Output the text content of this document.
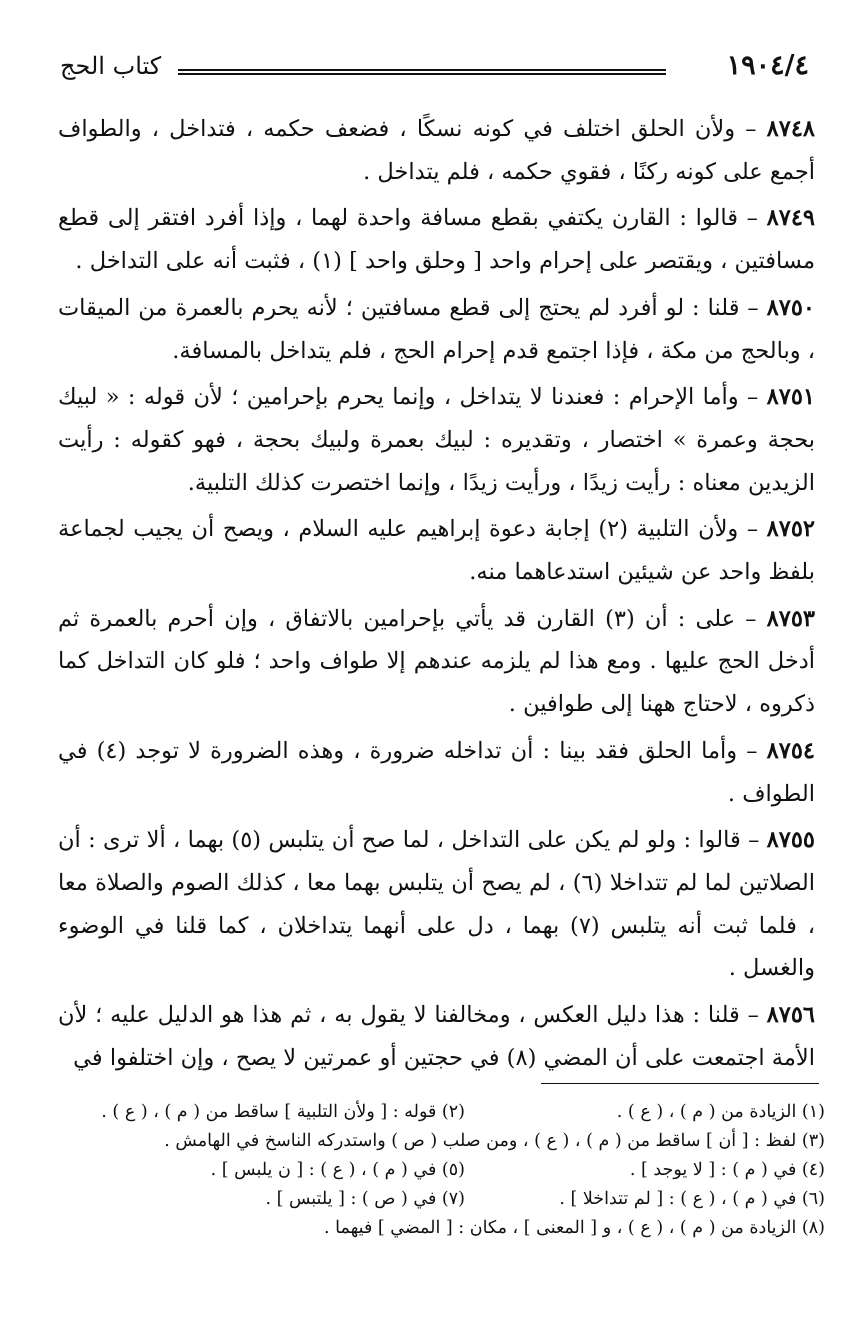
١٩٠٤/٤
كتاب الحج

٨٧٤٨ – ولأن الحلق اختلف في كونه نسكًا ، فضعف حكمه ، فتداخل ، والطواف أجمع على كونه ركنًا ، فقوي حكمه ، فلم يتداخل .

٨٧٤٩ – قالوا : القارن يكتفي بقطع مسافة واحدة لهما ، وإذا أفرد افتقر إلى قطع مسافتين ، ويقتصر على إحرام واحد [ وحلق واحد ] (١) ، فثبت أنه على التداخل .

٨٧٥٠ – قلنا : لو أفرد لم يحتج إلى قطع مسافتين ؛ لأنه يحرم بالعمرة من الميقات ، وبالحج من مكة ، فإذا اجتمع قدم إحرام الحج ، فلم يتداخل بالمسافة.

٨٧٥١ – وأما الإحرام : فعندنا لا يتداخل ، وإنما يحرم بإحرامين ؛ لأن قوله : « لبيك بحجة وعمرة » اختصار ، وتقديره : لبيك بعمرة ولبيك بحجة ، فهو كقوله : رأيت الزيدين معناه : رأيت زيدًا ، ورأيت زيدًا ، وإنما اختصرت كذلك التلبية.

٨٧٥٢ – ولأن التلبية (٢) إجابة دعوة إبراهيم عليه السلام ، ويصح أن يجيب لجماعة بلفظ واحد عن شيئين استدعاهما منه.

٨٧٥٣ – على : أن (٣) القارن قد يأتي بإحرامين بالاتفاق ، وإن أحرم بالعمرة ثم أدخل الحج عليها . ومع هذا لم يلزمه عندهم إلا طواف واحد ؛ فلو كان التداخل كما ذكروه ، لاحتاج ههنا إلى طوافين .

٨٧٥٤ – وأما الحلق فقد بينا : أن تداخله ضرورة ، وهذه الضرورة لا توجد (٤) في الطواف .

٨٧٥٥ – قالوا : ولو لم يكن على التداخل ، لما صح أن يتلبس (٥) بهما ، ألا ترى : أن الصلاتين لما لم تتداخلا (٦) ، لم يصح أن يتلبس بهما معا ، كذلك الصوم والصلاة معا ، فلما ثبت أنه يتلبس (٧) بهما ، دل على أنهما يتداخلان ، كما قلنا في الوضوء والغسل .

٨٧٥٦ – قلنا : هذا دليل العكس ، ومخالفنا لا يقول به ، ثم هذا هو الدليل عليه ؛ لأن الأمة اجتمعت على أن المضي (٨) في حجتين أو عمرتين لا يصح ، وإن اختلفوا في

(١) الزيادة من ( م ) ، ( ع ) .
(٢) قوله : [ ولأن التلبية ] ساقط من ( م ) ، ( ع ) .
(٣) لفظ : [ أن ] ساقط من ( م ) ، ( ع ) ، ومن صلب ( ص ) واستدركه الناسخ في الهامش .
(٤) في ( م ) : [ لا يوجد ] .
(٥) في ( م ) ، ( ع ) : [ ن يلبس ] .
(٦) في ( م ) ، ( ع ) : [ لم تتداخلا ] .
(٧) في ( ص ) : [ يلتبس ] .
(٨) الزيادة من ( م ) ، ( ع ) ، و [ المعنى ] ، مكان : [ المضي ] فيهما .
